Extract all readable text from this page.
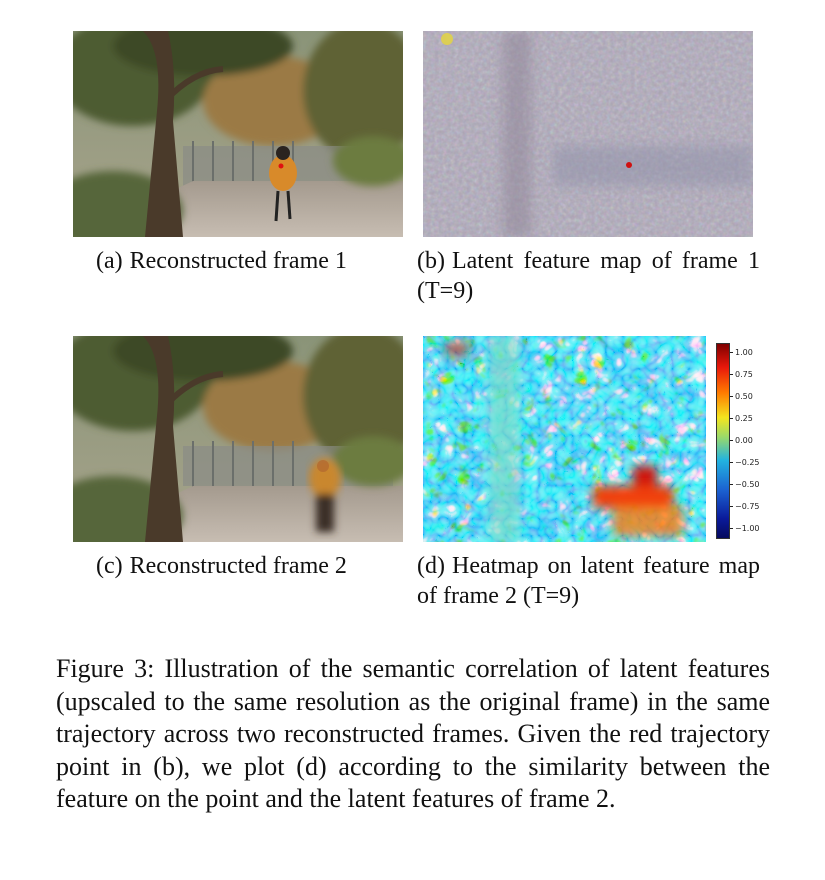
1.00
0.75
0.50
0.25
0.00
−0.25
−0.50
−0.75
−1.00
(a) Reconstructed frame 1	(b) Latent feature map of frame 1 (T=9)
(c) Reconstructed frame 2	(d) Heatmap on latent feature map of frame 2 (T=9)
Figure 3: Illustration of the semantic correlation of latent features (upscaled to the same resolution as the original frame) in the same trajectory across two reconstructed frames. Given the red trajectory point in (b), we plot (d) according to the similarity between the feature on the point and the latent features of frame 2.
